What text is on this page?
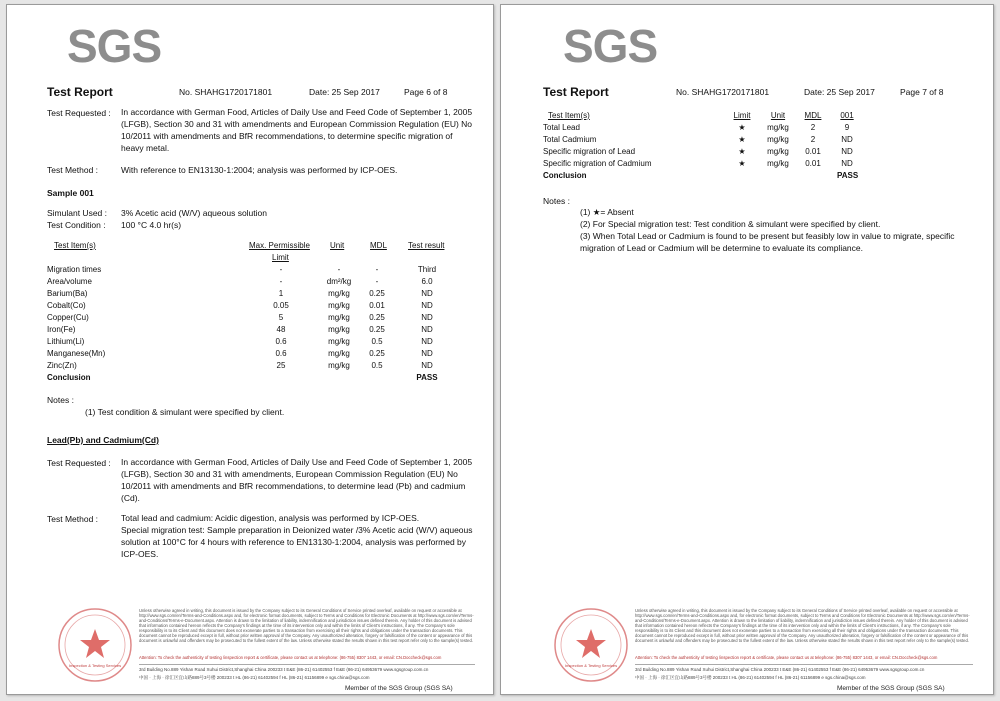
SGS
Test Report	No. SHAHG1720171801	Date: 25 Sep 2017	Page 6 of 8
Test Requested : In accordance with German Food, Articles of Daily Use and Feed Code of September 1, 2005
(LFGB), Section 30 and 31 with amendments and European Commission Regulation (EU) No
10/2011 with amendments and BfR recommendations, to determine specific migration of
heavy metal.
Test Method :	With reference to EN13130-1:2004; analysis was performed by ICP-OES.
Sample 001
Simulant Used : 3% Acetic acid (W/V) aqueous solution
Test Condition : 100 °C 4.0 hr(s)
Test Item(s)	Max. Permissible
Limit
Unit	MDL	Test result
Migration times	-	-	-	Third
Area/volume	-	dm²/kg	-	6.0
Barium(Ba)	1	mg/kg	0.25	ND
Cobalt(Co)	0.05	mg/kg	0.01	ND
Copper(Cu)	5	mg/kg	0.25	ND
Iron(Fe)	48	mg/kg	0.25	ND
Lithium(Li)	0.6	mg/kg	0.5	ND
Manganese(Mn)	0.6	mg/kg	0.25	ND
Zinc(Zn)	25	mg/kg	0.5	ND
Conclusion	PASS
Notes :
(1) Test condition & simulant were specified by client.
Lead(Pb) and Cadmium(Cd)
Test Requested : In accordance with German Food, Articles of Daily Use and Feed Code of September 1, 2005
(LFGB), Section 30 and 31 with amendments, European Commission Regulation (EU) No
10/2011 with amendments and BfR recommendations, to determine lead (Pb) and cadmium
(Cd).
Test Method :	Total lead and cadmium: Acidic digestion, analysis was performed by ICP-OES.
Special migration test: Sample preparation in Deionized water /3% Acetic acid (W/V) aqueous
solution at 100°C for 4 hours with reference to EN13130-1:2004, analysis was performed by
ICP-OES.
Inspection & Testing Services
Unless otherwise agreed in writing, this document is issued by the Company subject to its General Conditions of Service printed overleaf, available on request or accessible at http://www.sgs.com/en/Terms-and-Conditions.aspx and, for electronic format documents, subject to Terms and Conditions for Electronic Documents at http://www.sgs.com/en/Terms-and-Conditions/Terms-e-Document.aspx. Attention is drawn to the limitation of liability, indemnification and jurisdiction issues defined therein. Any holder of this document is advised that information contained hereon reflects the Company's findings at the time of its intervention only and within the limits of Client's instructions, if any. The Company's sole responsibility is to its Client and this document does not exonerate parties to a transaction from exercising all their rights and obligations under the transaction documents. This document cannot be reproduced except in full, without prior written approval of the Company. Any unauthorized alteration, forgery or falsification of the content or appearance of this document is unlawful and offenders may be prosecuted to the fullest extent of the law. Unless otherwise stated the results shown in this test report refer only to the sample(s) tested.
Attention: To check the authenticity of testing /inspection report & certificate, please contact us at telephone: (86-755) 8307 1443, or email: CN.Doccheck@sgs.com
3rd Building No.889 Yishan Road Xuhui District,Shanghai China 200233 t E&E (86-21) 61402553 f E&E (86-21) 64953679 www.sgsgroup.com.cn
中国 · 上海 · 徐汇区宜山路889号3号楼 200233 t HL (86-21) 61402594 f HL (86-21) 61156899 e sgs.china@sgs.com
Member of the SGS Group (SGS SA)
SGS
Test Report	No. SHAHG1720171801	Date: 25 Sep 2017	Page 7 of 8
Test Item(s)	Limit	Unit	MDL	001
Total Lead	★	mg/kg	2	9
Total Cadmium	★	mg/kg	2	ND
Specific migration of Lead	★	mg/kg	0.01	ND
Specific migration of Cadmium	★	mg/kg	0.01	ND
Conclusion	PASS
Notes :
(1) ★= Absent
(2) For Special migration test: Test condition & simulant were specified by client.
(3) When Total Lead or Cadmium is found to be present but feasibly low in value to migrate, specific
migration of Lead or Cadmium will be determine to evaluate its compliance.
Inspection & Testing Services
Unless otherwise agreed in writing, this document is issued by the Company subject to its General Conditions of Service printed overleaf, available on request or accessible at http://www.sgs.com/en/Terms-and-Conditions.aspx and, for electronic format documents, subject to Terms and Conditions for Electronic Documents at http://www.sgs.com/en/Terms-and-Conditions/Terms-e-Document.aspx. Attention is drawn to the limitation of liability, indemnification and jurisdiction issues defined therein. Any holder of this document is advised that information contained hereon reflects the Company's findings at the time of its intervention only and within the limits of Client's instructions, if any. The Company's sole responsibility is to its Client and this document does not exonerate parties to a transaction from exercising all their rights and obligations under the transaction documents. This document cannot be reproduced except in full, without prior written approval of the Company. Any unauthorized alteration, forgery or falsification of the content or appearance of this document is unlawful and offenders may be prosecuted to the fullest extent of the law. Unless otherwise stated the results shown in this test report refer only to the sample(s) tested.
Attention: To check the authenticity of testing /inspection report & certificate, please contact us at telephone: (86-755) 8307 1443, or email: CN.Doccheck@sgs.com
3rd Building No.889 Yishan Road Xuhui District,Shanghai China 200233 t E&E (86-21) 61402553 f E&E (86-21) 64953679 www.sgsgroup.com.cn
中国 · 上海 · 徐汇区宜山路889号3号楼 200233 t HL (86-21) 61402594 f HL (86-21) 61156899 e sgs.china@sgs.com
Member of the SGS Group (SGS SA)
